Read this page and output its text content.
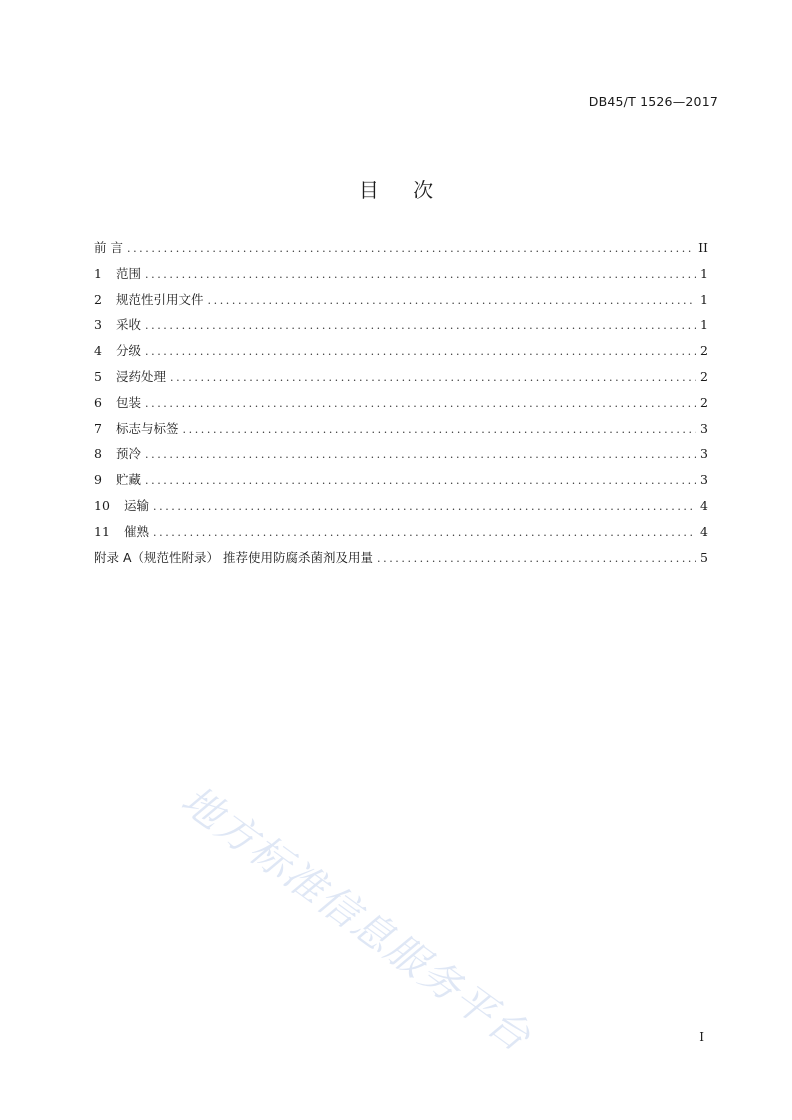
DB45/T 1526—2017
目 次
前 言 .....	II
1 范围 .....	1
2 规范性引用文件 .....	1
3 采收 .....	1
4 分级 .....	2
5 浸药处理 .....	2
6 包装 .....	2
7 标志与标签 .....	3
8 预冷 .....	3
9 贮藏 .....	3
10 运输 .....	4
11 催熟 .....	4
附录 A（规范性附录） 推荐使用防腐杀菌剂及用量 .....	5
地方标准信息服务平台	I
